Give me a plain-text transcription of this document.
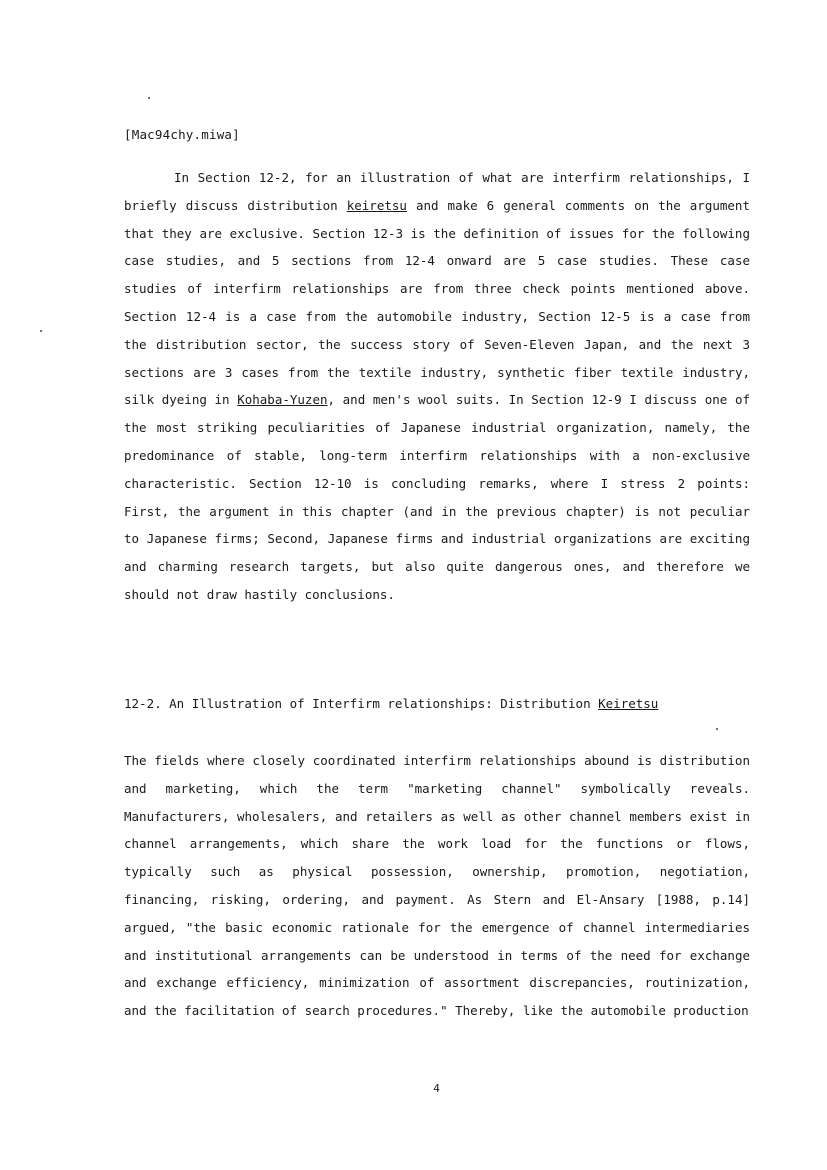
[Mac94chy.miwa]

In Section 12-2, for an illustration of what are interfirm relationships, I briefly discuss distribution keiretsu and make 6 general comments on the argument that they are exclusive. Section 12-3 is the definition of issues for the following case studies, and 5 sections from 12-4 onward are 5 case studies. These case studies of interfirm relationships are from three check points mentioned above. Section 12-4 is a case from the automobile industry, Section 12-5 is a case from the distribution sector, the success story of Seven-Eleven Japan, and the next 3 sections are 3 cases from the textile industry, synthetic fiber textile industry, silk dyeing in Kohaba-Yuzen, and men's wool suits. In Section 12-9 I discuss one of the most striking peculiarities of Japanese industrial organization, namely, the predominance of stable, long-term interfirm relationships with a non-exclusive characteristic. Section 12-10 is concluding remarks, where I stress 2 points: First, the argument in this chapter (and in the previous chapter) is not peculiar to Japanese firms; Second, Japanese firms and industrial organizations are exciting and charming research targets, but also quite dangerous ones, and therefore we should not draw hastily conclusions.

12-2. An Illustration of Interfirm relationships: Distribution Keiretsu

The fields where closely coordinated interfirm relationships abound is distribution and marketing, which the term "marketing channel" symbolically reveals. Manufacturers, wholesalers, and retailers as well as other channel members exist in channel arrangements, which share the work load for the functions or flows, typically such as physical possession, ownership, promotion, negotiation, financing, risking, ordering, and payment. As Stern and El-Ansary [1988, p.14] argued, "the basic economic rationale for the emergence of channel intermediaries and institutional arrangements can be understood in terms of the need for exchange and exchange efficiency, minimization of assortment discrepancies, routinization, and the facilitation of search procedures." Thereby, like the automobile production

4
